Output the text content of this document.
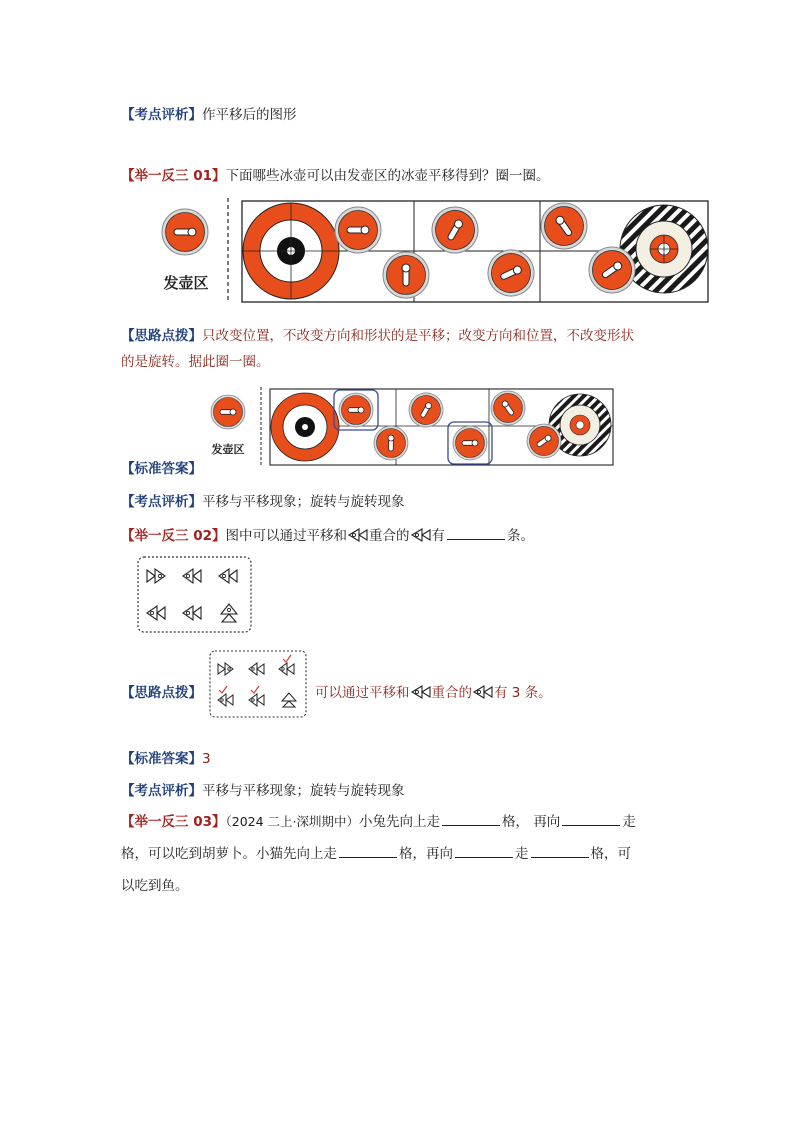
【考点评析】作平移后的图形
【举一反三 01】下面哪些冰壶可以由发壶区的冰壶平移得到？圈一圈。
发壶区
【思路点拨】只改变位置，不改变方向和形状的是平移；改变方向和位置，不改变形状
的是旋转。据此圈一圈。
发壶区
【标准答案】
【考点评析】平移与平移现象；旋转与旋转现象
【举一反三 02】图中可以通过平移和 重合的 有	条。
【思路点拨】	可以通过平移和 重合的 有 3 条。
【标准答案】3
【考点评析】平移与平移现象；旋转与旋转现象
【举一反三 03】（2024 二上·深圳期中）小兔先向上走	格， 再向	走
格，可以吃到胡萝卜。小猫先向上走	格，再向	走	格，可
以吃到鱼。
